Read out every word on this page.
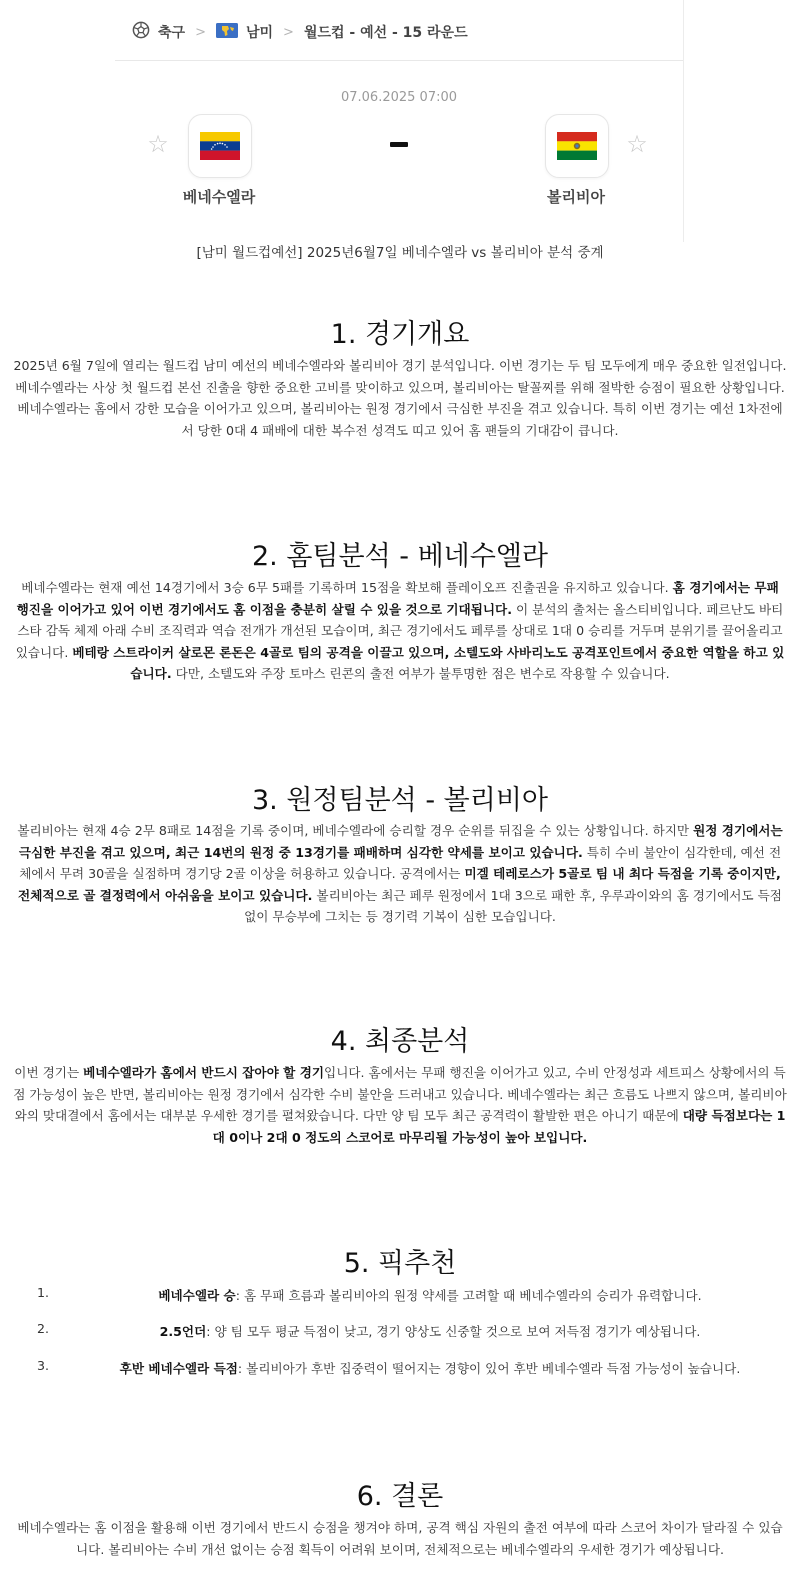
축구 >	남미 > 월드컵 - 예선 - 15 라운드
07.06.2025 07:00
☆	☆
베네수엘라	볼리비아
[남미 월드컵예선] 2025년6월7일 베네수엘라 vs 볼리비아 분석 중계
1. 경기개요
2025년 6월 7일에 열리는 월드컵 남미 예선의 베네수엘라와 볼리비아 경기 분석입니다. 이번 경기는 두 팀 모두에게 매우 중요한 일전입니다. 베네수엘라는 사상 첫 월드컵 본선 진출을 향한 중요한 고비를 맞이하고 있으며, 볼리비아는 탈꼴찌를 위해 절박한 승점이 필요한 상황입니다. 베네수엘라는 홈에서 강한 모습을 이어가고 있으며, 볼리비아는 원정 경기에서 극심한 부진을 겪고 있습니다. 특히 이번 경기는 예선 1차전에서 당한 0대 4 패배에 대한 복수전 성격도 띠고 있어 홈 팬들의 기대감이 큽니다.
2. 홈팀분석 - 베네수엘라
베네수엘라는 현재 예선 14경기에서 3승 6무 5패를 기록하며 15점을 확보해 플레이오프 진출권을 유지하고 있습니다. 홈 경기에서는 무패 행진을 이어가고 있어 이번 경기에서도 홈 이점을 충분히 살릴 수 있을 것으로 기대됩니다. 이 분석의 출처는 올스티비입니다. 페르난도 바티스타 감독 체제 아래 수비 조직력과 역습 전개가 개선된 모습이며, 최근 경기에서도 페루를 상대로 1대 0 승리를 거두며 분위기를 끌어올리고 있습니다. 베테랑 스트라이커 살로몬 론돈은 4골로 팀의 공격을 이끌고 있으며, 소텔도와 사바리노도 공격포인트에서 중요한 역할을 하고 있습니다. 다만, 소텔도와 주장 토마스 린콘의 출전 여부가 불투명한 점은 변수로 작용할 수 있습니다.
3. 원정팀분석 - 볼리비아
볼리비아는 현재 4승 2무 8패로 14점을 기록 중이며, 베네수엘라에 승리할 경우 순위를 뒤집을 수 있는 상황입니다. 하지만 원정 경기에서는 극심한 부진을 겪고 있으며, 최근 14번의 원정 중 13경기를 패배하며 심각한 약세를 보이고 있습니다. 특히 수비 불안이 심각한데, 예선 전체에서 무려 30골을 실점하며 경기당 2골 이상을 허용하고 있습니다. 공격에서는 미겔 테레로스가 5골로 팀 내 최다 득점을 기록 중이지만, 전체적으로 골 결정력에서 아쉬움을 보이고 있습니다. 볼리비아는 최근 페루 원정에서 1대 3으로 패한 후, 우루과이와의 홈 경기에서도 득점 없이 무승부에 그치는 등 경기력 기복이 심한 모습입니다.
4. 최종분석
이번 경기는 베네수엘라가 홈에서 반드시 잡아야 할 경기입니다. 홈에서는 무패 행진을 이어가고 있고, 수비 안정성과 세트피스 상황에서의 득점 가능성이 높은 반면, 볼리비아는 원정 경기에서 심각한 수비 불안을 드러내고 있습니다. 베네수엘라는 최근 흐름도 나쁘지 않으며, 볼리비아와의 맞대결에서 홈에서는 대부분 우세한 경기를 펼쳐왔습니다. 다만 양 팀 모두 최근 공격력이 활발한 편은 아니기 때문에 대량 득점보다는 1대 0이나 2대 0 정도의 스코어로 마무리될 가능성이 높아 보입니다.
5. 픽추천
1.	베네수엘라 승: 홈 무패 흐름과 볼리비아의 원정 약세를 고려할 때 베네수엘라의 승리가 유력합니다.
2.	2.5언더: 양 팀 모두 평균 득점이 낮고, 경기 양상도 신중할 것으로 보여 저득점 경기가 예상됩니다.
3.	후반 베네수엘라 득점: 볼리비아가 후반 집중력이 떨어지는 경향이 있어 후반 베네수엘라 득점 가능성이 높습니다.
6. 결론
베네수엘라는 홈 이점을 활용해 이번 경기에서 반드시 승점을 챙겨야 하며, 공격 핵심 자원의 출전 여부에 따라 스코어 차이가 달라질 수 있습니다. 볼리비아는 수비 개선 없이는 승점 획득이 어려워 보이며, 전체적으로는 베네수엘라의 우세한 경기가 예상됩니다.
